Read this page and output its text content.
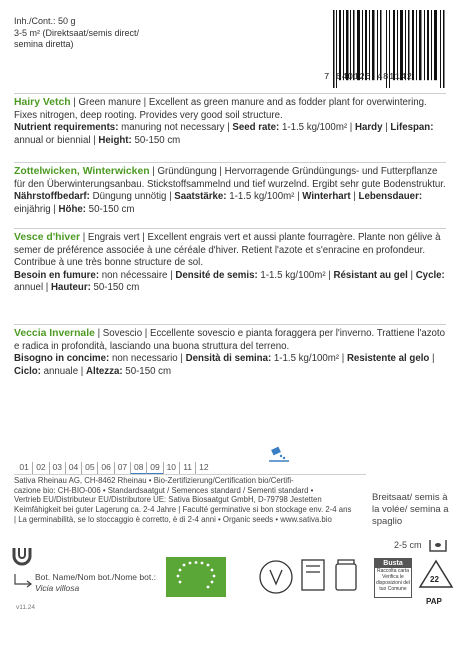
Inh./Cont.: 50 g
3-5 m² (Direktsaat/semis direct/
semina diretta)
7 640126 481142
Hairy Vetch | Green manure | Excellent as green manure and as fodder plant for overwintering. Fixes nitrogen, deep rooting. Provides very good soil structure.
Nutrient requirements: manuring not necessary | Seed rate: 1-1.5 kg/100m² | Hardy | Lifespan: annual or biennial | Height: 50-150 cm
Zottelwicken, Winterwicken | Gründüngung | Hervorragende Gründüngungs- und Futterpflanze für den Überwinterungsanbau. Stickstoffsammelnd und tief wurzelnd. Ergibt sehr gute Bodenstruktur.
Nährstoffbedarf: Düngung unnötig | Saatstärke: 1-1.5 kg/100m² | Winterhart | Lebensdauer: einjährig | Höhe: 50-150 cm
Vesce d'hiver | Engrais vert | Excellent engrais vert et aussi plante fourragère. Plante non gélive à semer de préférence associée à une céréale d'hiver. Retient l'azote et s'enracine en profondeur. Contribue à une très bonne structure de sol.
Besoin en fumure: non nécessaire | Densité de semis: 1-1.5 kg/100m² | Résistant au gel | Cycle: annuel | Hauteur: 50-150 cm
Veccia Invernale | Sovescio | Eccellente sovescio e pianta foraggera per l'inverno. Trattiene l'azoto e radica in profondità, lasciando una buona struttura del terreno.
Bisogno in concime: non necessario | Densità di semina: 1-1.5 kg/100m² | Resistente al gelo | Ciclo: annuale | Altezza: 50-150 cm
01 02 03 04 05 06 07 08 09 10 11 12
Sativa Rheinau AG, CH-8462 Rheinau • Bio-Zertifizierung/Certification bio/Certifi-
cazione bio: CH-BIO-006 • Standardsaatgut / Semences standard / Sementi standard •
Vertrieb EU/Distributeur EU/Distributore UE: Sativa Biosaatgut GmbH, D-79798 Jestetten
Keimfähigkeit bei guter Lagerung ca. 2-4 Jahre | Faculté germinative si bon stockage env. 2-4 ans
| La germinabilità, se lo stoccaggio è corretto, è di 2-4 anni • Organic seeds • www.sativa.bio
Breitsaat/ semis à
la volée/ semina a
spaglio
2-5 cm
Bot. Name/Nom bot./Nome bot.:
Vicia villosa
v11.24
Busta
Raccolta carta Verifica le disposizioni del tuo Comune
22
PAP
